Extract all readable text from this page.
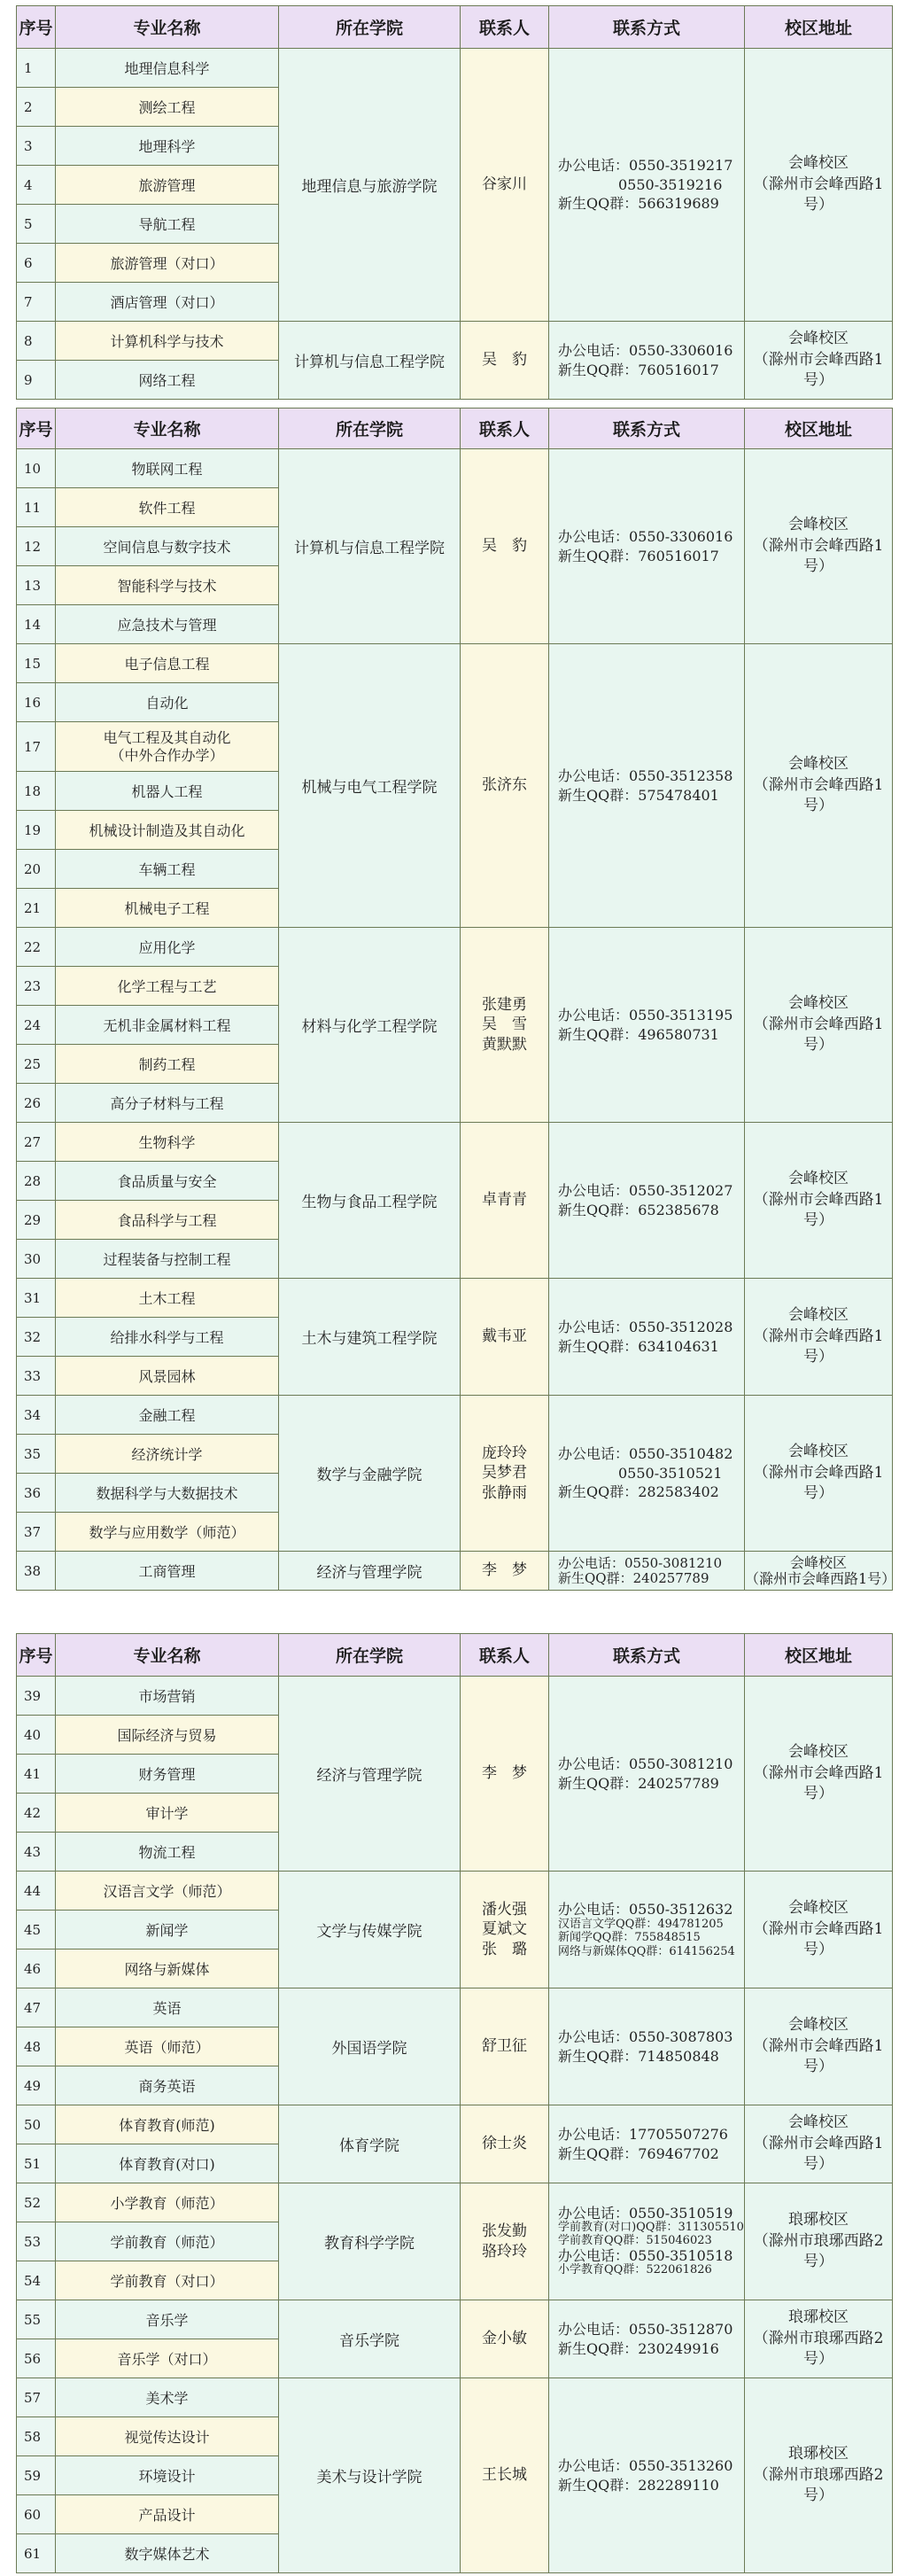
序号	专业名称	所在学院	联系人	联系方式	校区地址
1	地理信息科学	地理信息与旅游学院	谷家川	办公电话：0550-3519217
0550-3519216
新生QQ群：566319689	会峰校区
（滁州市会峰西路1号）

2	测绘工程				
3	地理科学				
4	旅游管理				
5	导航工程				
6	旅游管理（对口）				
7	酒店管理（对口）				
8	计算机科学与技术	计算机与信息工程学院	吴　豹	办公电话：0550-3306016
新生QQ群：760516017	会峰校区
（滁州市会峰西路1号）

9	网络工程				
序号	专业名称	所在学院	联系人	联系方式	校区地址
10	物联网工程	计算机与信息工程学院	吴　豹	办公电话：0550-3306016
新生QQ群：760516017	会峰校区
（滁州市会峰西路1号）

11	软件工程				
12	空间信息与数字技术				
13	智能科学与技术				
14	应急技术与管理				
15	电子信息工程	机械与电气工程学院	张济东	办公电话：0550-3512358
新生QQ群：575478401	会峰校区
（滁州市会峰西路1号）

16	自动化				
17	电气工程及其自动化
（中外合作办学）				

18	机器人工程				
19	机械设计制造及其自动化				
20	车辆工程				
21	机械电子工程				
22	应用化学	材料与化学工程学院	张建勇
吴　雪
黄默默	办公电话：0550-3513195
新生QQ群：496580731	会峰校区
（滁州市会峰西路1号）

23	化学工程与工艺				
24	无机非金属材料工程				
25	制药工程				
26	高分子材料与工程				
27	生物科学	生物与食品工程学院	卓青青	办公电话：0550-3512027
新生QQ群：652385678	会峰校区
（滁州市会峰西路1号）

28	食品质量与安全				
29	食品科学与工程				
30	过程装备与控制工程				
31	土木工程	土木与建筑工程学院	戴韦亚	办公电话：0550-3512028
新生QQ群：634104631	会峰校区
（滁州市会峰西路1号）

32	给排水科学与工程				
33	风景园林				
34	金融工程	数学与金融学院	庞玲玲
吴梦君
张静雨	办公电话：0550-3510482
0550-3510521
新生QQ群：282583402	会峰校区
（滁州市会峰西路1号）

35	经济统计学				
36	数据科学与大数据技术				
37	数学与应用数学（师范）				
38	工商管理	经济与管理学院	李　梦	办公电话：0550-3081210
新生QQ群：240257789	会峰校区
（滁州市会峰西路1号）
序号	专业名称	所在学院	联系人	联系方式	校区地址
39	市场营销	经济与管理学院	李　梦	办公电话：0550-3081210
新生QQ群：240257789	会峰校区
（滁州市会峰西路1号）

40	国际经济与贸易				
41	财务管理				
42	审计学				
43	物流工程				
44	汉语言文学（师范）	文学与传媒学院	潘火强
夏斌文
张　璐	办公电话：0550-3512632
汉语言文学QQ群：494781205
新闻学QQ群：755848515
网络与新媒体QQ群：614156254	会峰校区
（滁州市会峰西路1号）

45	新闻学				
46	网络与新媒体				
47	英语	外国语学院	舒卫征	办公电话：0550-3087803
新生QQ群：714850848	会峰校区
（滁州市会峰西路1号）

48	英语（师范）				
49	商务英语				
50	体育教育(师范)	体育学院	徐士炎	办公电话：17705507276
新生QQ群：769467702	会峰校区
（滁州市会峰西路1号）

51	体育教育(对口)				
52	小学教育（师范）	教育科学学院	张发勤
骆玲玲	办公电话：0550-3510519
学前教育(对口)QQ群：311305510
学前教育QQ群：515046023
办公电话：0550-3510518
小学教育QQ群：522061826	琅琊校区
（滁州市琅琊西路2号）

53	学前教育（师范）				
54	学前教育（对口）				
55	音乐学	音乐学院	金小敏	办公电话：0550-3512870
新生QQ群：230249916	琅琊校区
（滁州市琅琊西路2号）

56	音乐学（对口）				
57	美术学	美术与设计学院	王长城	办公电话：0550-3513260
新生QQ群：282289110	琅琊校区
（滁州市琅琊西路2号）

58	视觉传达设计				
59	环境设计				
60	产品设计				
61	数字媒体艺术				
